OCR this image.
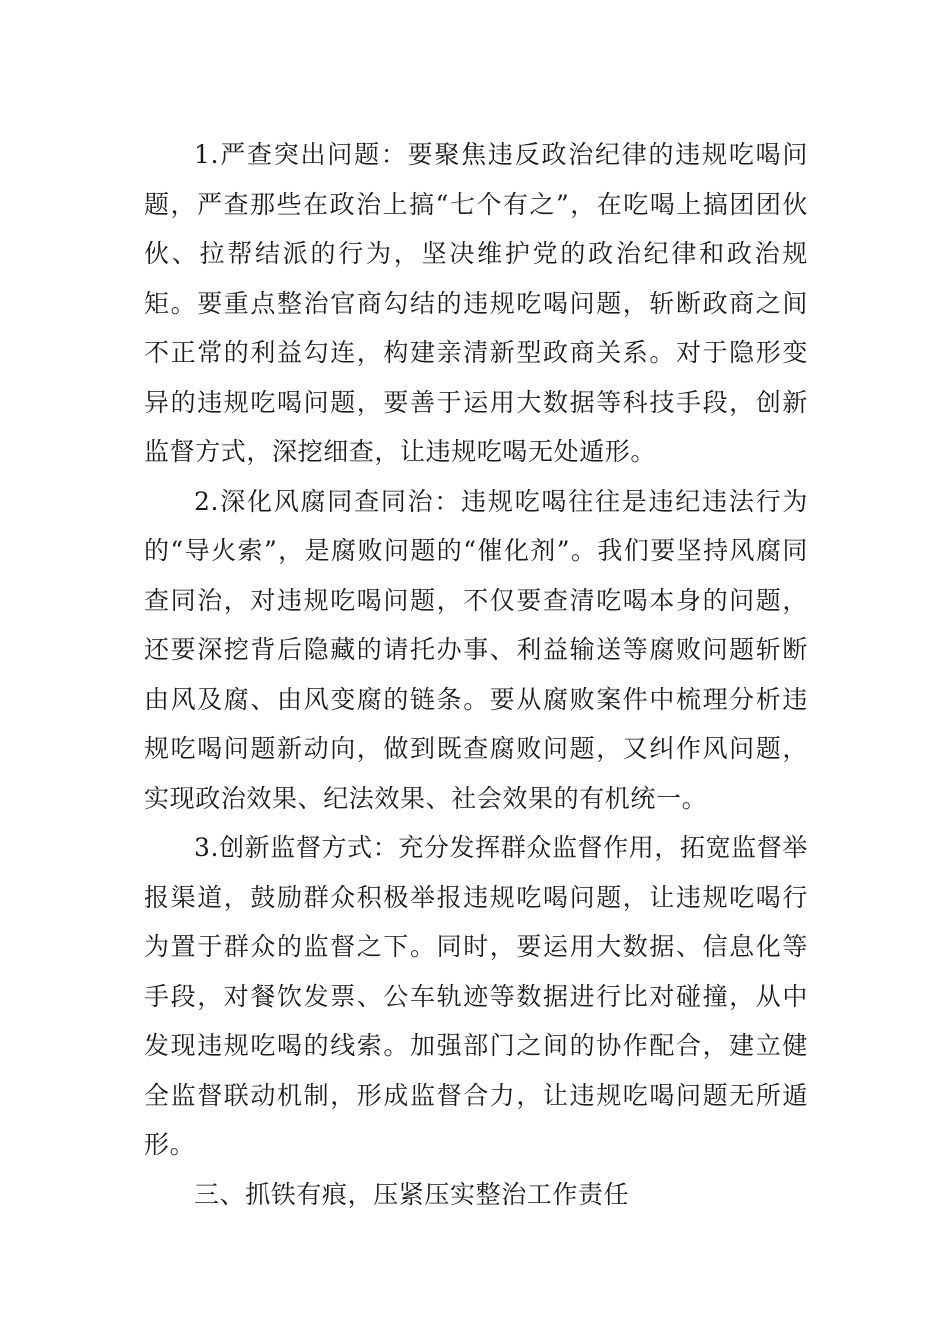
1.严查突出问题：要聚焦违反政治纪律的违规吃喝问题，严查那些在政治上搞“七个有之”，在吃喝上搞团团伙伙、拉帮结派的行为，坚决维护党的政治纪律和政治规矩。要重点整治官商勾结的违规吃喝问题，斩断政商之间不正常的利益勾连，构建亲清新型政商关系。对于隐形变异的违规吃喝问题，要善于运用大数据等科技手段，创新监督方式，深挖细查，让违规吃喝无处遁形。

2.深化风腐同查同治：违规吃喝往往是违纪违法行为的“导火索”，是腐败问题的“催化剂”。我们要坚持风腐同查同治，对违规吃喝问题，不仅要查清吃喝本身的问题，还要深挖背后隐藏的请托办事、利益输送等腐败问题斩断由风及腐、由风变腐的链条。要从腐败案件中梳理分析违规吃喝问题新动向，做到既查腐败问题，又纠作风问题，实现政治效果、纪法效果、社会效果的有机统一。

3.创新监督方式：充分发挥群众监督作用，拓宽监督举报渠道，鼓励群众积极举报违规吃喝问题，让违规吃喝行为置于群众的监督之下。同时，要运用大数据、信息化等手段，对餐饮发票、公车轨迹等数据进行比对碰撞，从中发现违规吃喝的线索。加强部门之间的协作配合，建立健全监督联动机制，形成监督合力，让违规吃喝问题无所遁形。

三、抓铁有痕，压紧压实整治工作责任
